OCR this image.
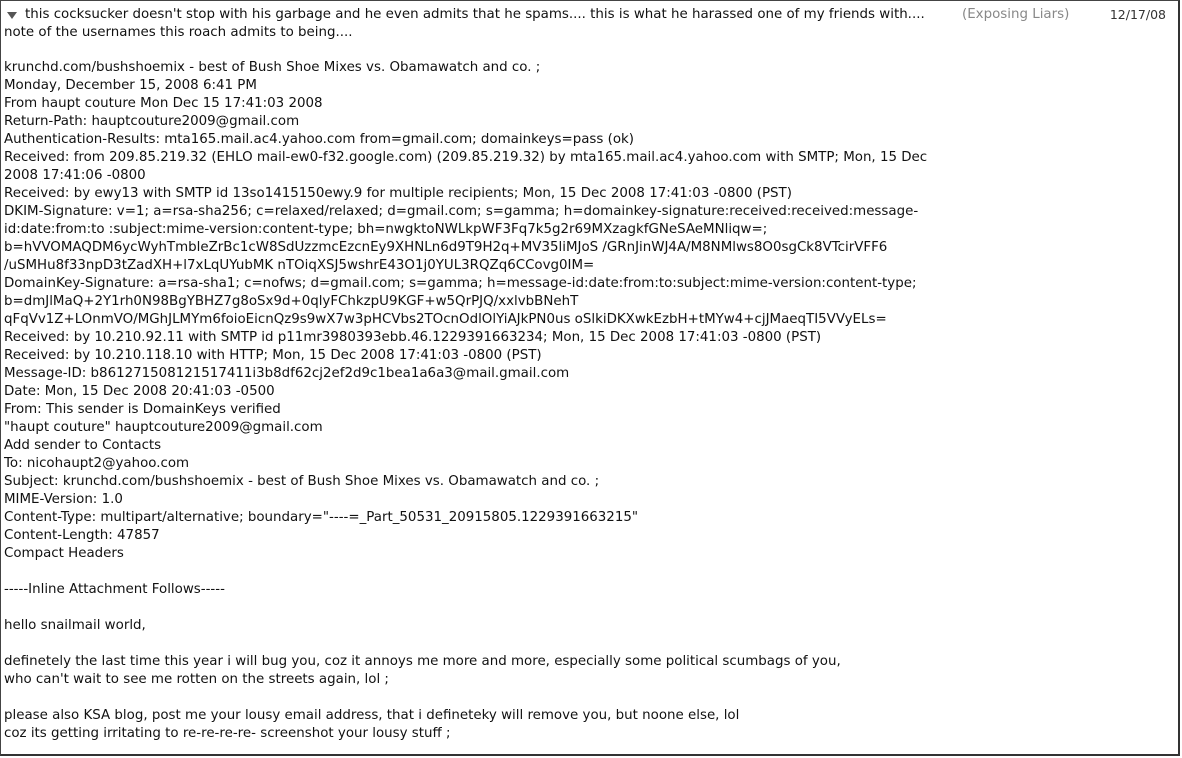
this cocksucker doesn't stop with his garbage and he even admits that he spams.... this is what he harassed one of my friends with....
note of the usernames this roach admits to being....
(Exposing Liars)	12/17/08
krunchd.com/bushshoemix - best of Bush Shoe Mixes vs. Obamawatch and co. ;
Monday, December 15, 2008 6:41 PM
From haupt couture Mon Dec 15 17:41:03 2008
Return-Path: hauptcouture2009@gmail.com
Authentication-Results: mta165.mail.ac4.yahoo.com from=gmail.com; domainkeys=pass (ok)
Received: from 209.85.219.32 (EHLO mail-ew0-f32.google.com) (209.85.219.32) by mta165.mail.ac4.yahoo.com with SMTP; Mon, 15 Dec
2008 17:41:06 -0800
Received: by ewy13 with SMTP id 13so1415150ewy.9 for multiple recipients; Mon, 15 Dec 2008 17:41:03 -0800 (PST)
DKIM-Signature: v=1; a=rsa-sha256; c=relaxed/relaxed; d=gmail.com; s=gamma; h=domainkey-signature:received:received:message-
id:date:from:to :subject:mime-version:content-type; bh=nwgktoNWLkpWF3Fq7k5g2r69MXzagkfGNeSAeMNliqw=;
b=hVVOMAQDM6ycWyhTmbleZrBc1cW8SdUzzmcEzcnEy9XHNLn6d9T9H2q+MV35liMJoS /GRnJinWJ4A/M8NMlws8O0sgCk8VTcirVFF6
/uSMHu8f33npD3tZadXH+l7xLqUYubMK nTOiqXSJ5wshrE43O1j0YUL3RQZq6CCovg0IM=
DomainKey-Signature: a=rsa-sha1; c=nofws; d=gmail.com; s=gamma; h=message-id:date:from:to:subject:mime-version:content-type;
b=dmJlMaQ+2Y1rh0N98BgYBHZ7g8oSx9d+0qlyFChkzpU9KGF+w5QrPJQ/xxlvbBNehT
qFqVv1Z+LOnmVO/MGhJLMYm6foioEicnQz9s9wX7w3pHCVbs2TOcnOdlOlYiAJkPN0us oSlkiDKXwkEzbH+tMYw4+cjJMaeqTI5VVyELs=
Received: by 10.210.92.11 with SMTP id p11mr3980393ebb.46.1229391663234; Mon, 15 Dec 2008 17:41:03 -0800 (PST)
Received: by 10.210.118.10 with HTTP; Mon, 15 Dec 2008 17:41:03 -0800 (PST)
Message-ID: b861271508121517411i3b8df62cj2ef2d9c1bea1a6a3@mail.gmail.com
Date: Mon, 15 Dec 2008 20:41:03 -0500
From: This sender is DomainKeys verified
"haupt couture" hauptcouture2009@gmail.com
Add sender to Contacts
To: nicohaupt2@yahoo.com
Subject: krunchd.com/bushshoemix - best of Bush Shoe Mixes vs. Obamawatch and co. ;
MIME-Version: 1.0
Content-Type: multipart/alternative; boundary="----=_Part_50531_20915805.1229391663215"
Content-Length: 47857
Compact Headers
-----Inline Attachment Follows-----
hello snailmail world,
definetely the last time this year i will bug you, coz it annoys me more and more, especially some political scumbags of you,
who can't wait to see me rotten on the streets again, lol ;
please also KSA blog, post me your lousy email address, that i defineteky will remove you, but noone else, lol
coz its getting irritating to re-re-re-re- screenshot your lousy stuff ;
